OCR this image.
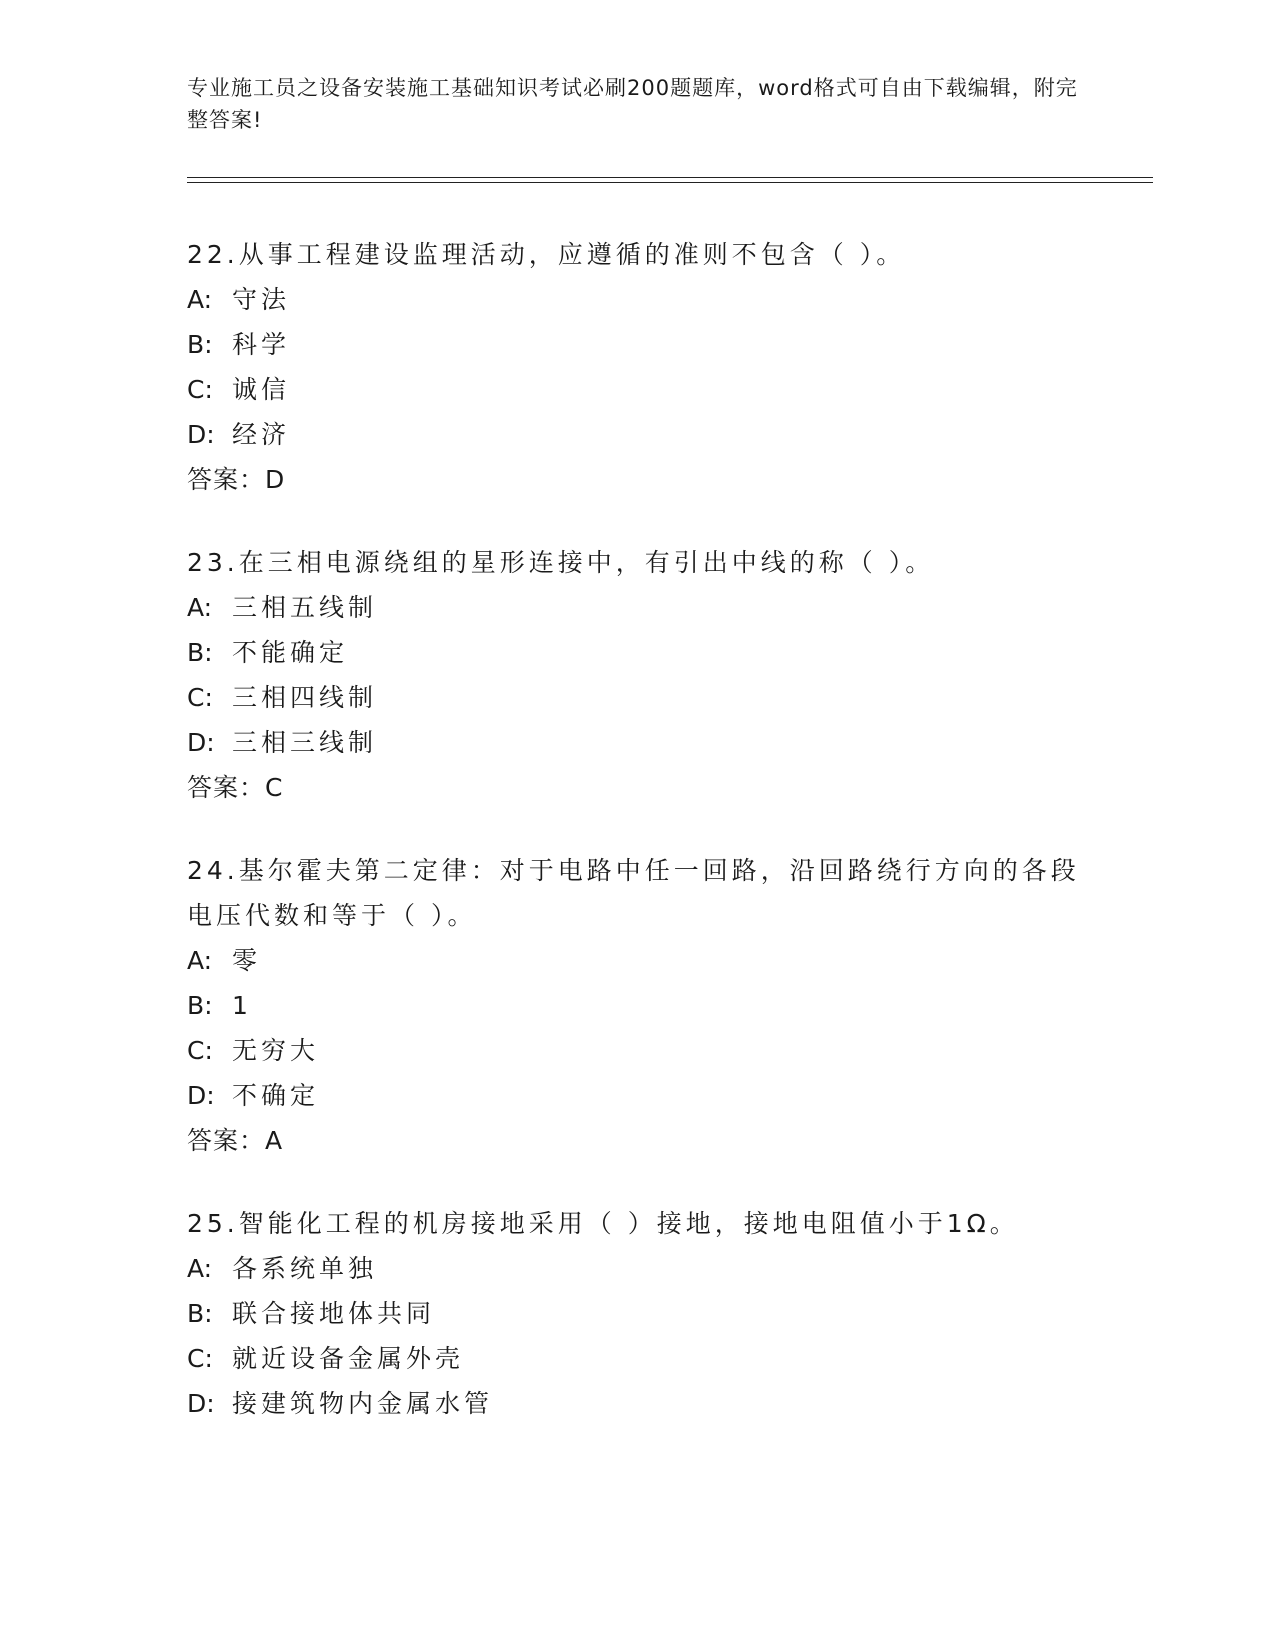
专业施工员之设备安装施工基础知识考试必刷200题题库，word格式可自由下载编辑，附完整答案!
22.从事工程建设监理活动，应遵循的准则不包含（ ）。
A: 守法
B: 科学
C: 诚信
D: 经济
答案：D
23.在三相电源绕组的星形连接中，有引出中线的称（ ）。
A: 三相五线制
B: 不能确定
C: 三相四线制
D: 三相三线制
答案：C
24.基尔霍夫第二定律：对于电路中任一回路，沿回路绕行方向的各段电压代数和等于（ ）。
A: 零
B: 1
C: 无穷大
D: 不确定
答案：A
25.智能化工程的机房接地采用（ ）接地，接地电阻值小于1Ω。
A: 各系统单独
B: 联合接地体共同
C: 就近设备金属外壳
D: 接建筑物内金属水管
